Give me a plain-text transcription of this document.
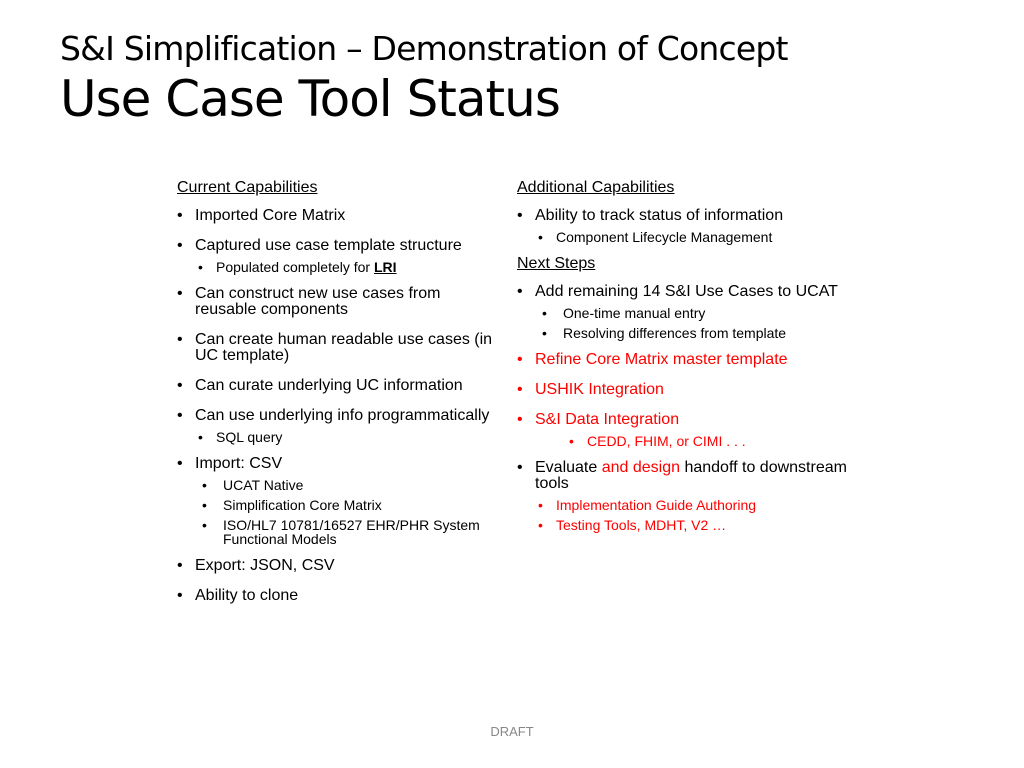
S&I Simplification – Demonstration of Concept
Use Case Tool Status
Current Capabilities
• Imported Core Matrix
• Captured use case template structure
• Populated completely for LRI
• Can construct new use cases from reusable components
• Can create human readable use cases (in UC template)
• Can curate underlying UC information
• Can use underlying info programmatically
• SQL query
• Import: CSV
• UCAT Native
• Simplification Core Matrix
• ISO/HL7 10781/16527 EHR/PHR System Functional Models
• Export: JSON, CSV
• Ability to clone
Additional Capabilities
• Ability to track status of information
• Component Lifecycle Management
Next Steps
• Add remaining 14 S&I Use Cases to UCAT
• One-time manual entry
• Resolving differences from template
• Refine Core Matrix master template
• USHIK Integration
• S&I Data Integration
• CEDD, FHIM, or CIMI . . .
• Evaluate and design handoff to downstream tools
• Implementation Guide Authoring
• Testing Tools, MDHT, V2 …
DRAFT
